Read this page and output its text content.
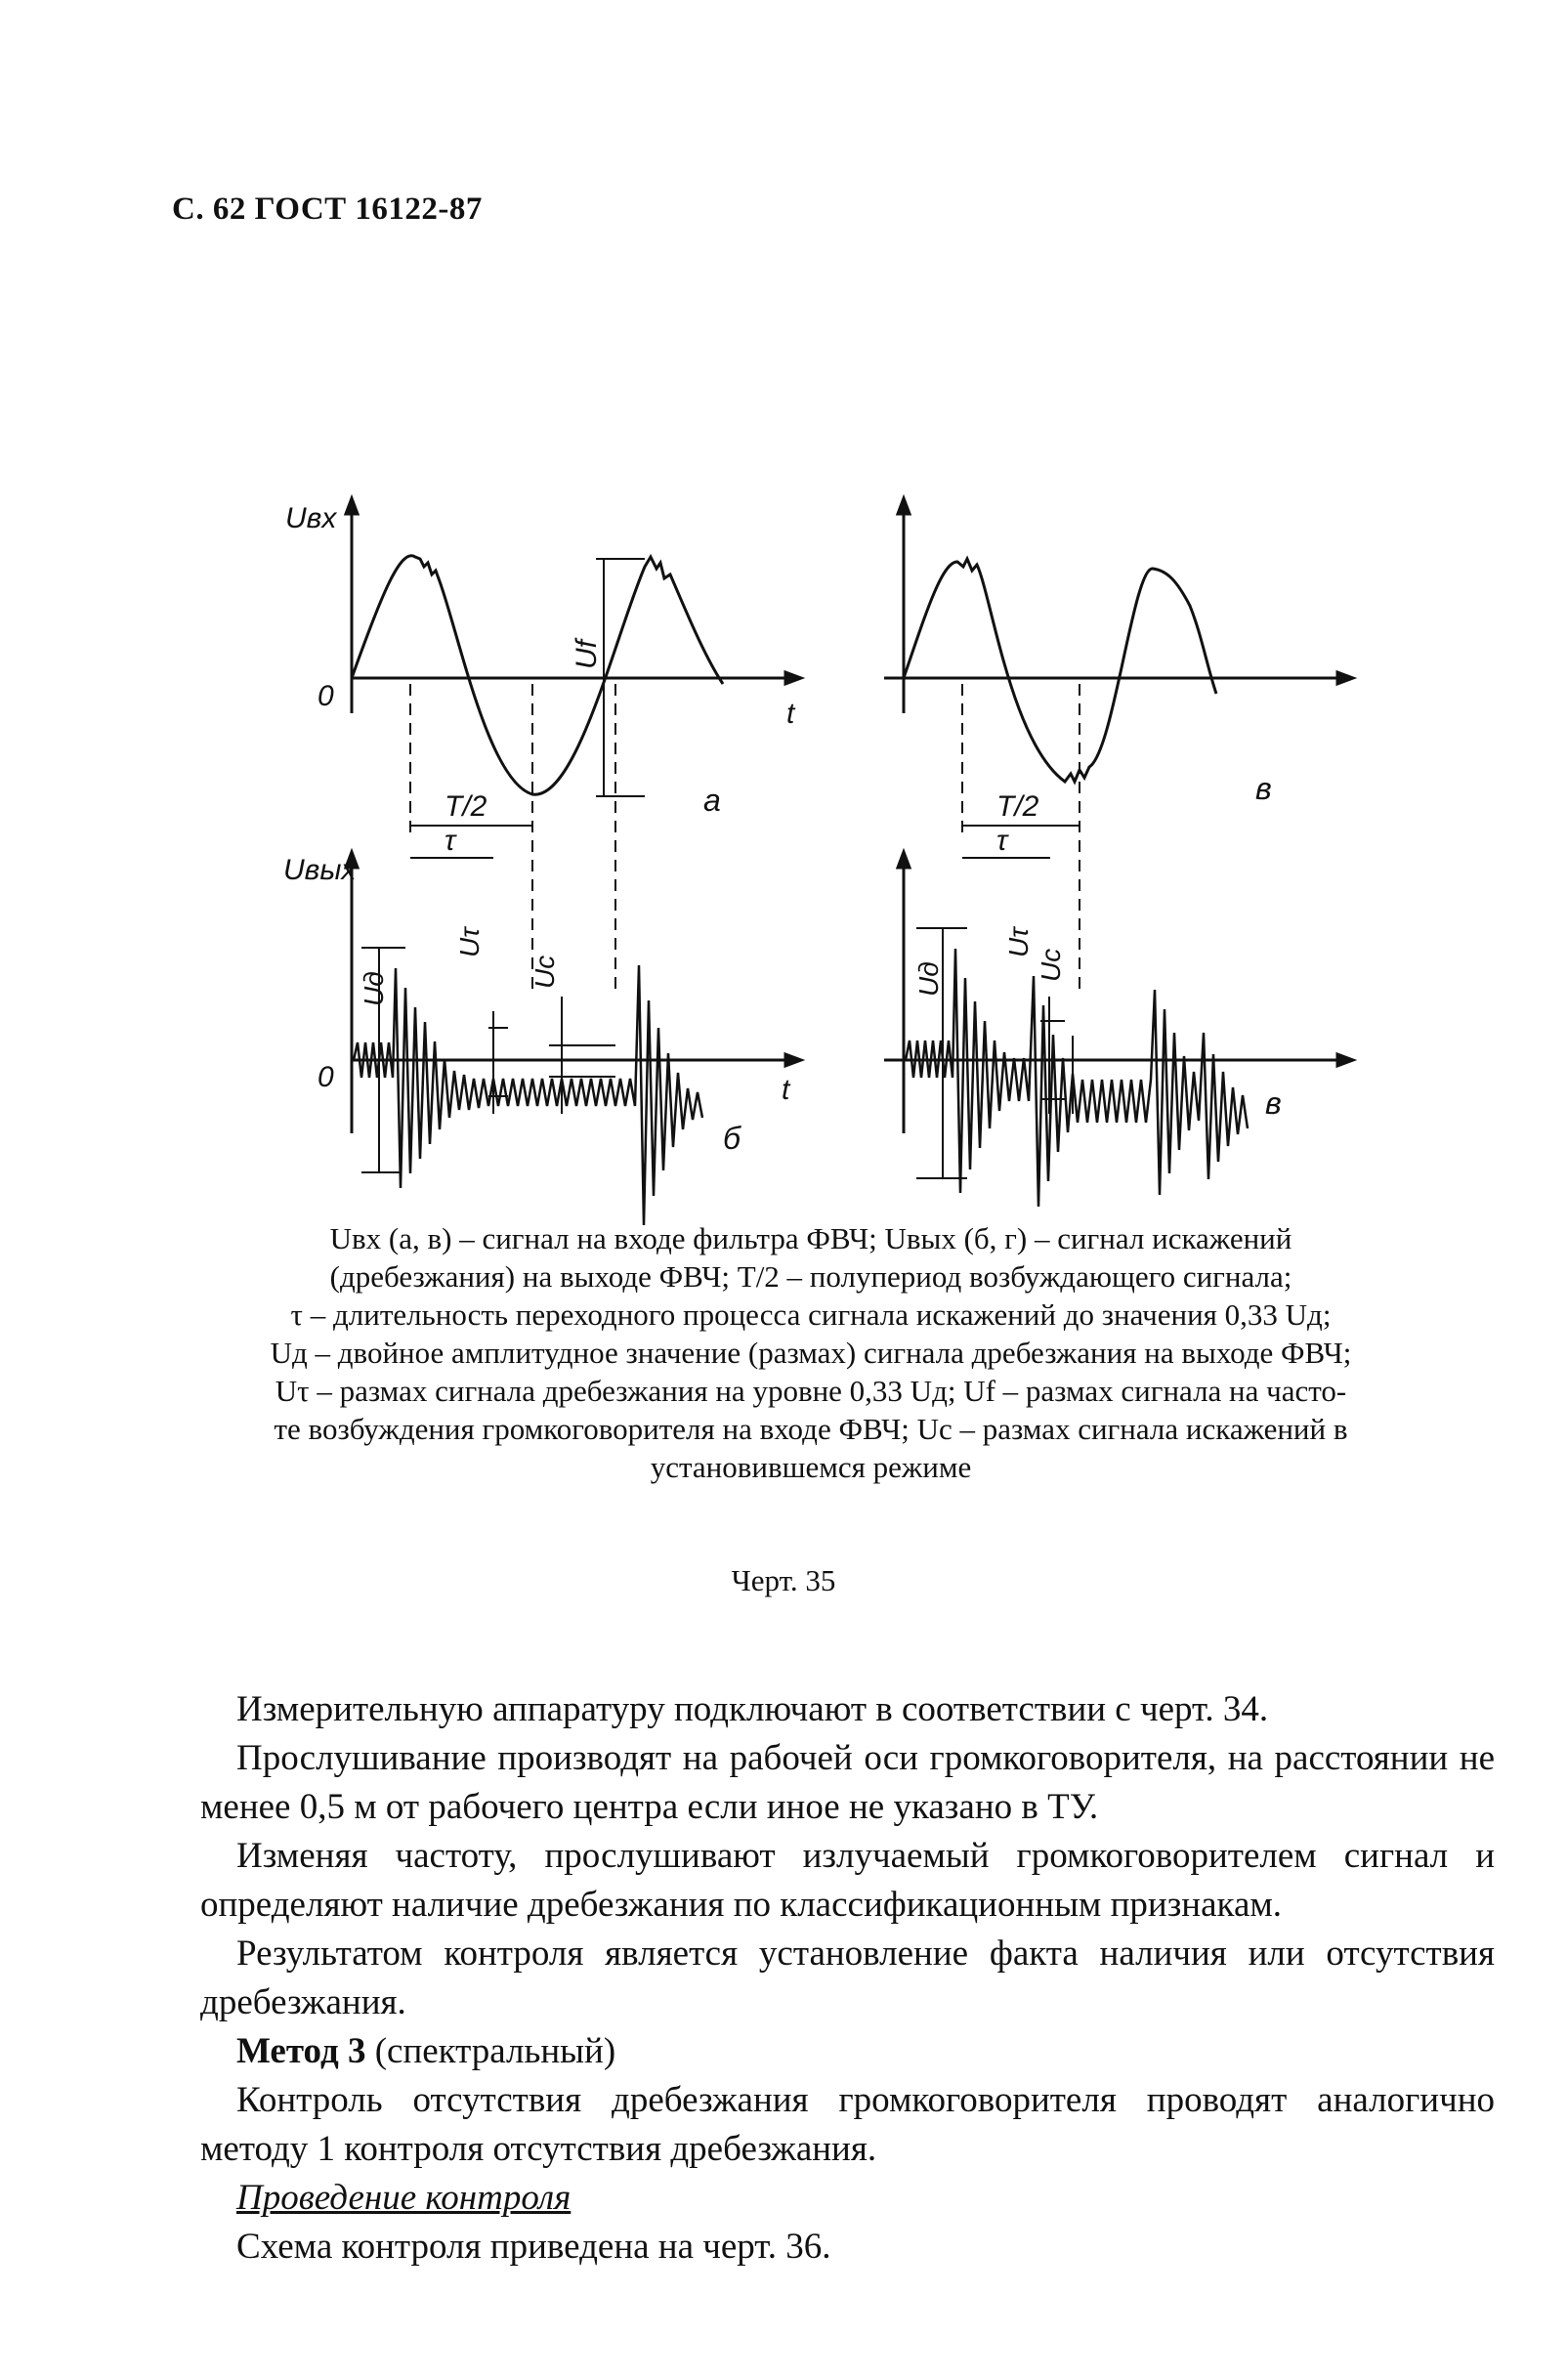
С. 62 ГОСТ 16122-87
Uвх
0
t
Uf
T/2
τ
а
Uвых
0	t
Uд
Uτ
Uc
б
T/2
τ
в
Uд
Uτ
Uc
в

Uвх (а, в) – сигнал на входе фильтра ФВЧ; Uвых (б, г) – сигнал искажений

(дребезжания) на выходе ФВЧ; T/2 – полупериод возбуждающего сигнала;

τ – длительность переходного процесса сигнала искажений до значения 0,33 Uд;

Uд – двойное амплитудное значение (размах) сигнала дребезжания на выходе ФВЧ;

Uτ – размах сигнала дребезжания на уровне 0,33 Uд; Uf – размах сигнала на часто-

те возбуждения громкоговорителя на входе ФВЧ; Uc – размах сигнала искажений в

установившемся режиме

Черт. 35

 Измерительную аппаратуру подключают в соответствии с черт. 34.

 Прослушивание производят на рабочей оси громкоговорителя, на расстоянии не менее 0,5 м от рабочего центра если иное не указано в ТУ.

 Изменяя частоту, прослушивают излучаемый громкоговорителем сигнал и определяют наличие дребезжания по классификационным признакам.

 Результатом контроля является установление факта наличия или отсутствия дребезжания.

 Метод 3 (спектральный)

 Контроль отсутствия дребезжания громкоговорителя проводят аналогично методу 1 контроля отсутствия дребезжания.

 Проведение контроля

 Схема контроля приведена на черт. 36.
